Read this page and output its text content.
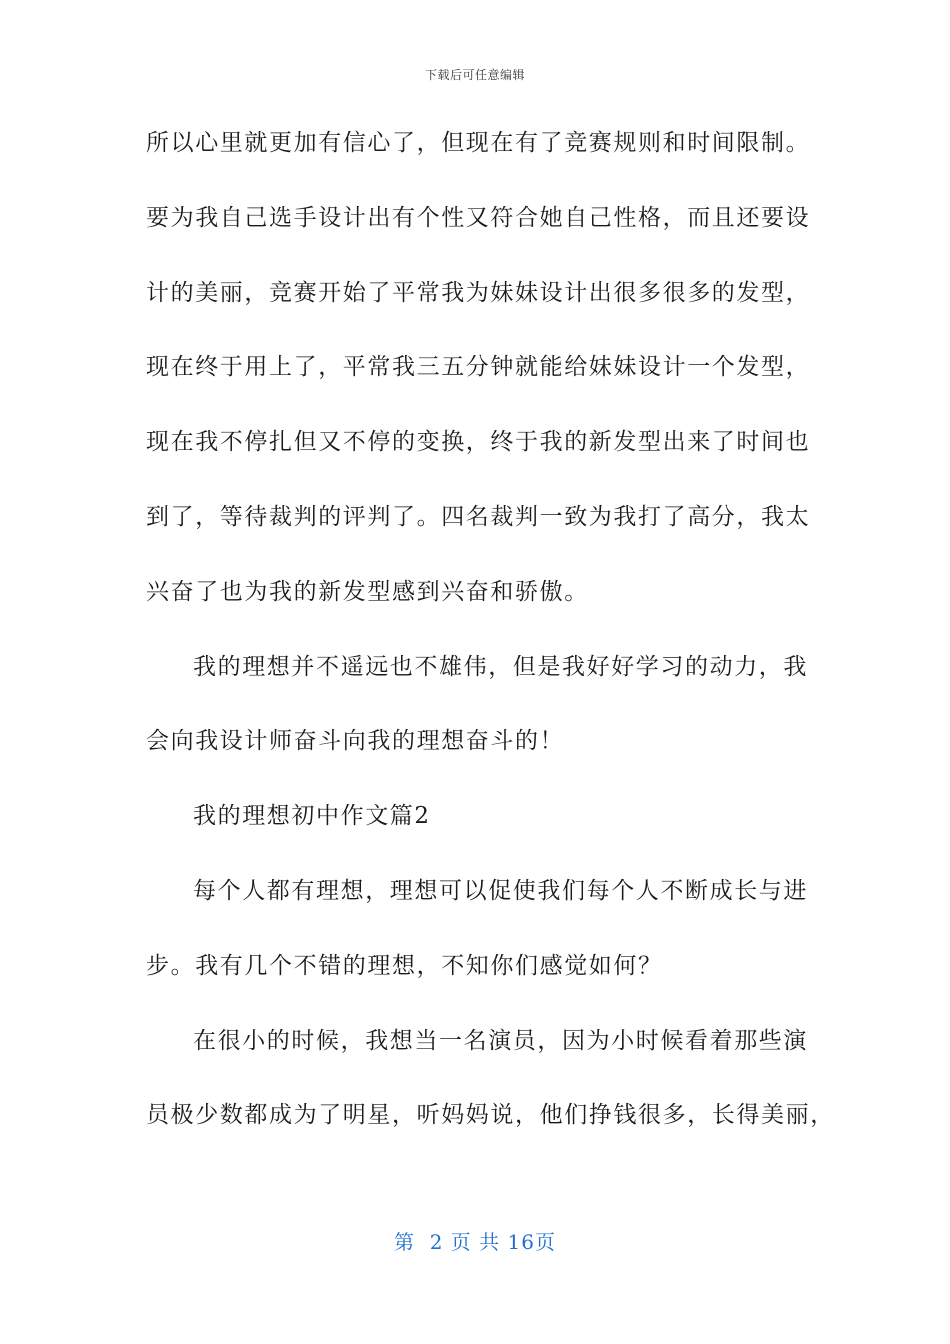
下载后可任意编辑
所以心里就更加有信心了，但现在有了竞赛规则和时间限制。
要为我自己选手设计出有个性又符合她自己性格，而且还要设
计的美丽，竞赛开始了平常我为妹妹设计出很多很多的发型，
现在终于用上了，平常我三五分钟就能给妹妹设计一个发型，
现在我不停扎但又不停的变换，终于我的新发型出来了时间也
到了，等待裁判的评判了。四名裁判一致为我打了高分，我太
兴奋了也为我的新发型感到兴奋和骄傲。
我的理想并不遥远也不雄伟，但是我好好学习的动力，我
会向我设计师奋斗向我的理想奋斗的！
我的理想初中作文篇2
每个人都有理想，理想可以促使我们每个人不断成长与进
步。我有几个不错的理想，不知你们感觉如何？
在很小的时候，我想当一名演员，因为小时候看着那些演
员极少数都成为了明星，听妈妈说，他们挣钱很多，长得美丽，
第  2 页 共 16页
